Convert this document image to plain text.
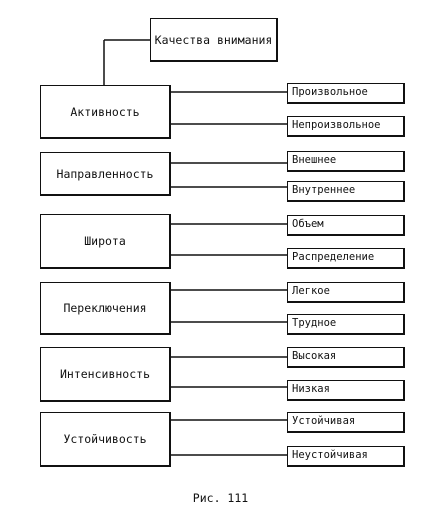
Качества внимания
Активность
Произвольное
Непроизвольное
Направленность
Внешнее
Внутреннее
Широта
Объем
Распределение
Переключения
Легкое
Трудное
Интенсивность
Высокая
Низкая
Устойчивость
Устойчивая
Неустойчивая
Рис. 111
